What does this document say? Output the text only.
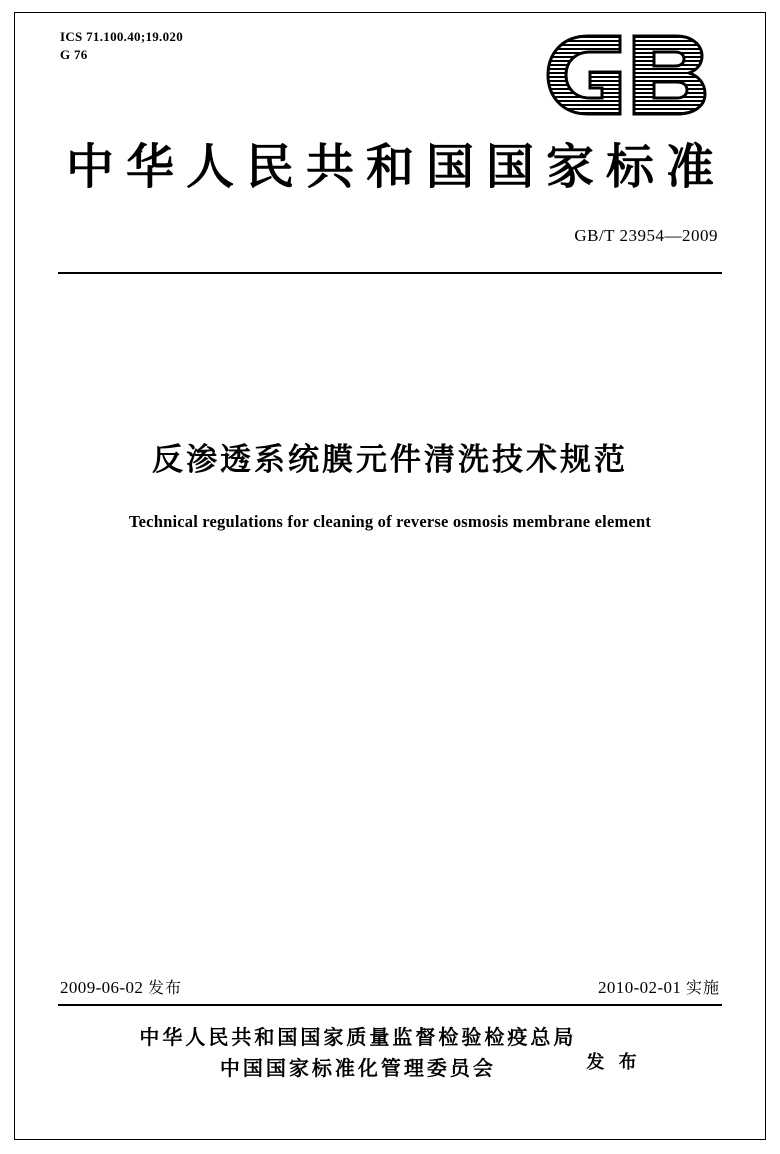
ICS 71.100.40;19.020
G 76
中华人民共和国国家标准
GB/T 23954—2009
反渗透系统膜元件清洗技术规范
Technical regulations for cleaning of reverse osmosis membrane element
2009-06-02 发布	2010-02-01 实施
中华人民共和国国家质量监督检验检疫总局
中国国家标准化管理委员会	发 布
